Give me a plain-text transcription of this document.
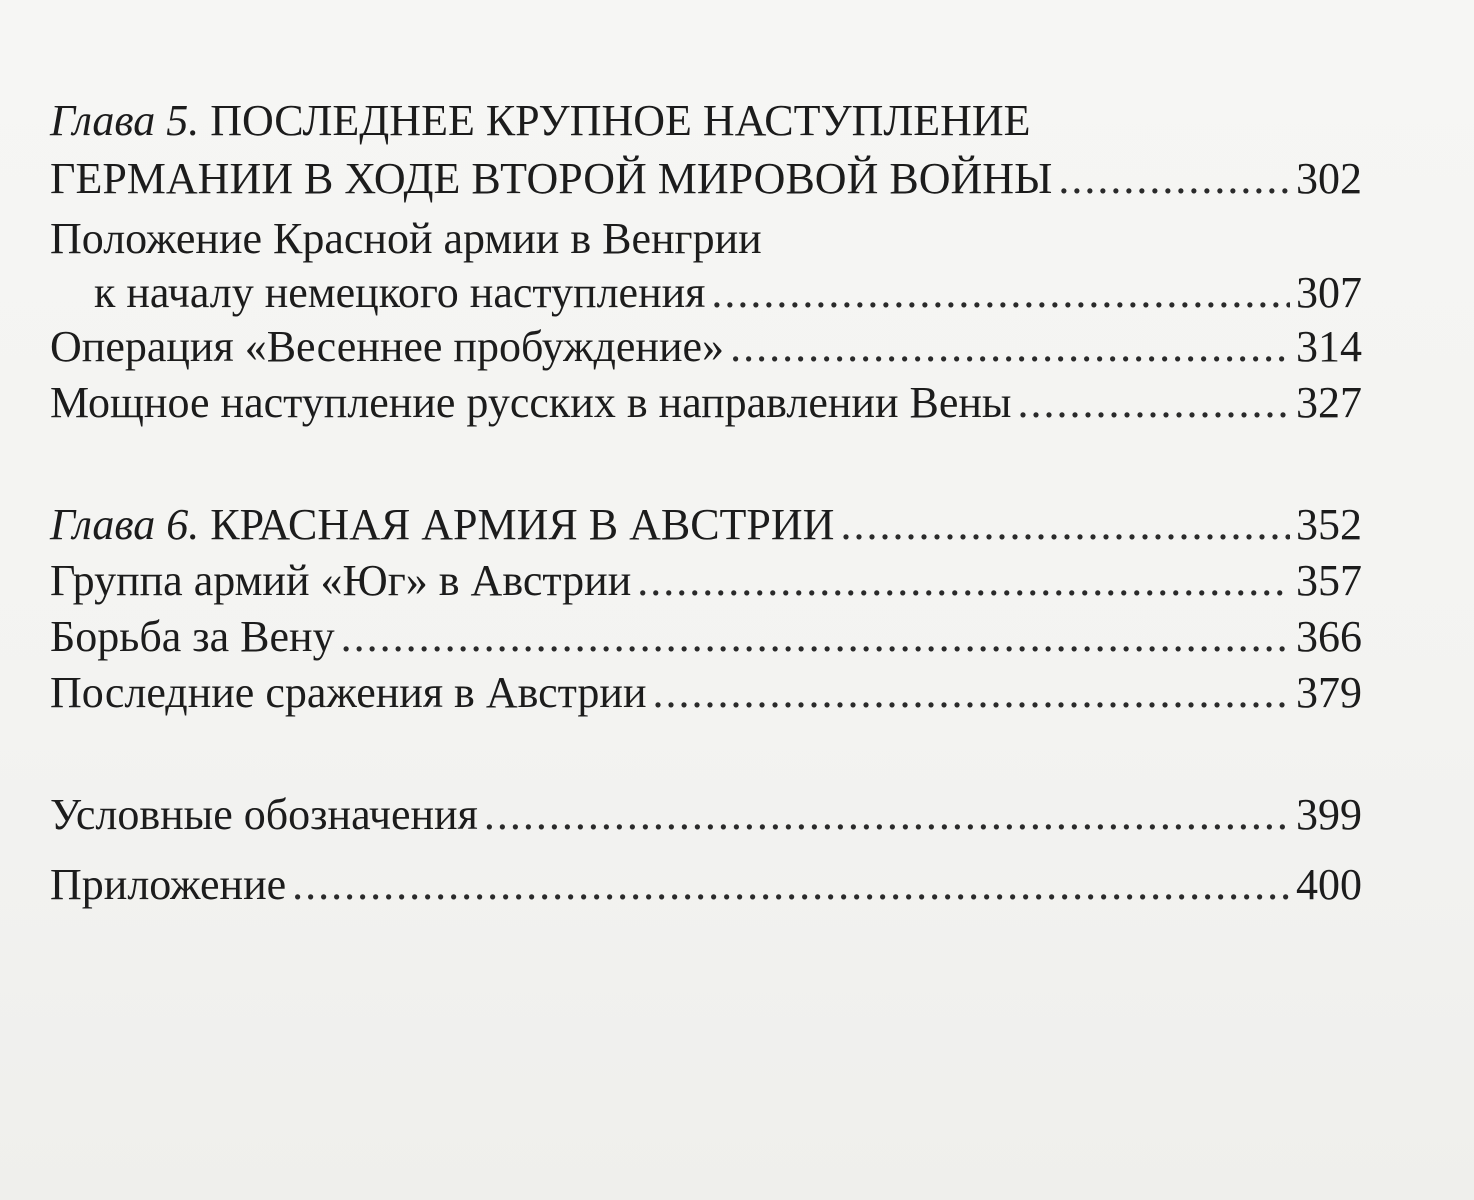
Глава 5. ПОСЛЕДНЕЕ КРУПНОЕ НАСТУПЛЕНИЕ
ГЕРМАНИИ В ХОДЕ ВТОРОЙ МИРОВОЙ ВОЙНЫ .....	302
Положение Красной армии в Венгрии
к началу немецкого наступления .....	307
Операция «Весеннее пробуждение» .....	314
Мощное наступление русских в направлении Вены .....	327
Глава 6. КРАСНАЯ АРМИЯ В АВСТРИИ .....	352
Группа армий «Юг» в Австрии .....	357
Борьба за Вену .....	366
Последние сражения в Австрии .....	379
Условные обозначения .....	399
Приложение .....	400
